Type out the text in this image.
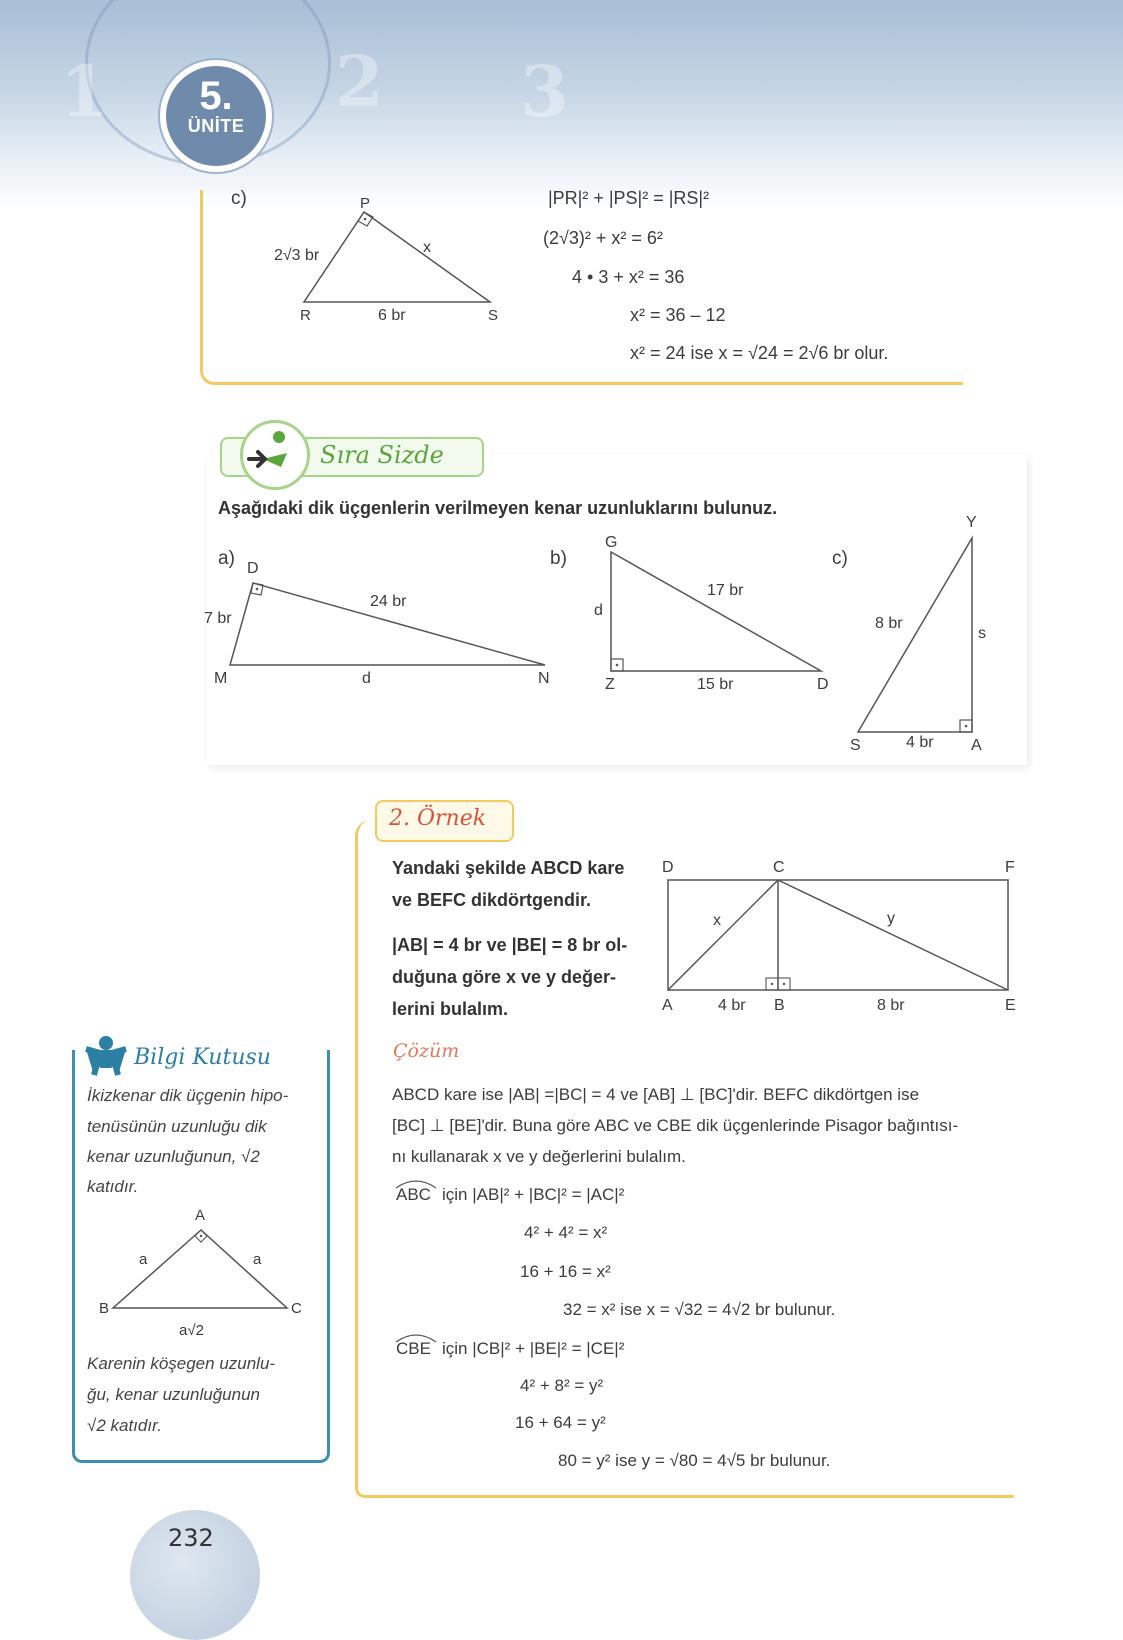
1	2 3
5.
ÜNİTE
c)	P
R	S
2√3 br	x
6 br
|PR|² + |PS|² = |RS|²
(2√3)² + x² = 6²
4 • 3 + x² = 36
x² = 36 – 12
x² = 24 ise x = √24 = 2√6 br olur.
Sıra Sizde
Aşağıdaki dik üçgenlerin verilmeyen kenar uzunluklarını bulunuz.
a) D
M	N
7 br
24 br
d
b)
G
Z	D
d
17 br
15 br
c)
Y
S	A
8 br
s
4 br
2. Örnek
Yandaki şekilde ABCD kare
ve BEFC dikdörtgendir.
|AB| = 4 br ve |BE| = 8 br ol-
duğuna göre x ve y değer-
lerini bulalım.
D	C	F
A	B	E
x	y
4 br	8 br
Çözüm
ABCD kare ise |AB| =|BC| = 4 ve [AB] ⊥ [BC]'dir. BEFC dikdörtgen ise
[BC] ⊥ [BE]'dir. Buna göre ABC ve CBE dik üçgenlerinde Pisagor bağıntısı-
nı kullanarak x ve y değerlerini bulalım.
ABC için |AB|² + |BC|² = |AC|²
4² + 4² = x²
16 + 16 = x²
32 = x² ise x = √32 = 4√2 br bulunur.
CBE için |CB|² + |BE|² = |CE|²
4² + 8² = y²
16 + 64 = y²
80 = y² ise y = √80 = 4√5 br bulunur.
Bilgi Kutusu
İkizkenar dik üçgenin hipo-
tenüsünün uzunluğu dik
kenar uzunluğunun, √2
katıdır.
A
B	C
a	a
a√2
Karenin köşegen uzunlu-
ğu, kenar uzunluğunun
√2 katıdır.
232
